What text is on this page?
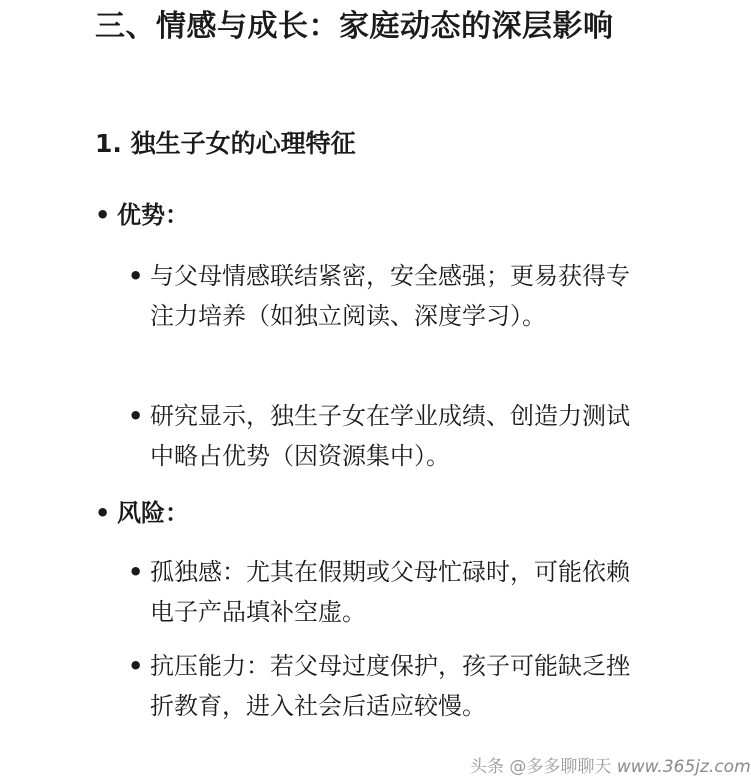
三、情感与成长：家庭动态的深层影响
1. 独生子女的心理特征
• 优势：
• 与父母情感联结紧密，安全感强；更易获得专注力培养（如独立阅读、深度学习）。
• 研究显示，独生子女在学业成绩、创造力测试中略占优势（因资源集中）。
• 风险：
• 孤独感：尤其在假期或父母忙碌时，可能依赖电子产品填补空虚。
• 抗压能力：若父母过度保护，孩子可能缺乏挫折教育，进入社会后适应较慢。
头条 @多多聊聊天 www.365jz.com
